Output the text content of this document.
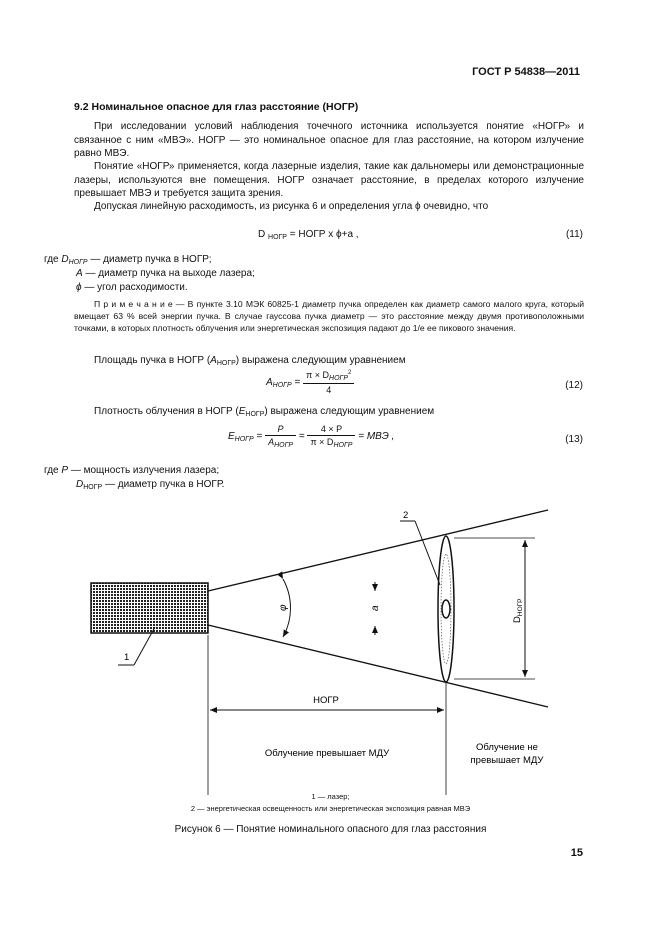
ГОСТ Р 54838—2011
9.2 Номинальное опасное для глаз расстояние (НОГР)
При исследовании условий наблюдения точечного источника используется понятие «НОГР» и связанное с ним «МВЭ». НОГР — это номинальное опасное для глаз расстояние, на котором излучение равно МВЭ.
Понятие «НОГР» применяется, когда лазерные изделия, такие как дальномеры или демонстрационные лазеры, используются вне помещения. НОГР означает расстояние, в пределах которого излучение превышает МВЭ и требуется защита зрения.
Допуская линейную расходимость, из рисунка 6 и определения угла ϕ очевидно, что
D $_{НОГР}$ = НОГР x ϕ+a ,	(11)
где $D_{НОГР}$ — диаметр пучка в НОГР;
A — диаметр пучка на выходе лазера;
ϕ — угол расходимости.
П р и м е ч а н и е — В пункте 3.10 МЭК 60825-1 диаметр пучка определен как диаметр самого малого круга, который вмещает 63 % всей энергии пучка. В случае гауссова пучка диаметр — это расстояние между двумя противоположными точками, в которых плотность облучения или энергетическая экспозиция падают до 1/e ее пикового значения.
Площадь пучка в НОГР $(A_{НОГР})$ выражена следующим уравнением
$A_{НОГР} = \frac{\pi \times D_{НОГР}^2}{4}$	(12)
Плотность облучения в НОГР $(E_{НОГР})$ выражена следующим уравнением
$E_{НОГР} = \frac{P}{A_{НОГР}} = \frac{4 \times P}{\pi \times D_{НОГР}}$ = МВЭ ,	(13)
где P — мощность излучения лазера;
$D_{НОГР}$ — диаметр пучка в НОГР.
φ	a
2
1
$D_{НОГР}$
НОГР
Облучение превышает МДУ
Облучение не
превышает МДУ
1 — лазер;
2 — энергетическая освещенность или энергетическая экспозиция равная МВЭ
Рисунок 6 — Понятие номинального опасного для глаз расстояния
15
